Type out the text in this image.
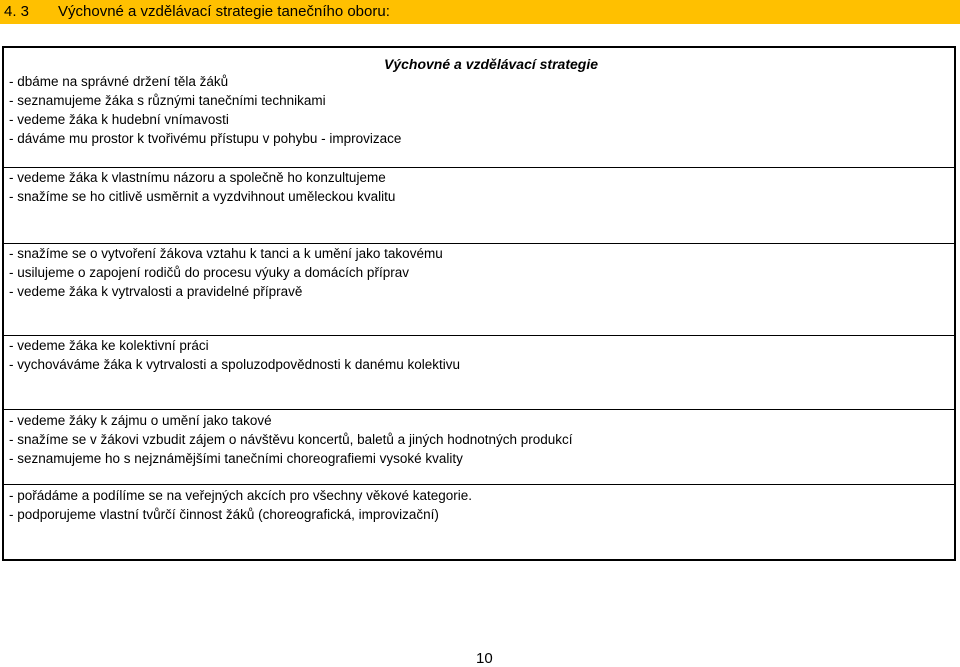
4. 3 Výchovné a vzdělávací strategie tanečního oboru:
Výchovné a vzdělávací strategie
- dbáme na správné držení těla žáků
- seznamujeme žáka s různými tanečními technikami
- vedeme žáka k hudební vnímavosti
- dáváme mu prostor k tvořivému přístupu v pohybu - improvizace
- vedeme žáka k vlastnímu názoru a společně ho konzultujeme
- snažíme se ho citlivě usměrnit a vyzdvihnout uměleckou kvalitu
- snažíme se o vytvoření žákova vztahu k tanci a k umění jako takovému
- usilujeme o zapojení rodičů do procesu výuky a domácích příprav
- vedeme žáka k vytrvalosti a pravidelné přípravě
- vedeme žáka ke kolektivní práci
- vychováváme žáka k vytrvalosti a spoluzodpovědnosti k danému kolektivu
- vedeme žáky k zájmu o umění jako takové
- snažíme se v žákovi vzbudit zájem o návštěvu koncertů, baletů a jiných hodnotných produkcí
- seznamujeme ho s nejznámějšími tanečními choreografiemi vysoké kvality
- pořádáme a podílíme se na veřejných akcích pro všechny věkové kategorie.
- podporujeme vlastní tvůrčí činnost žáků (choreografická, improvizační)
10
